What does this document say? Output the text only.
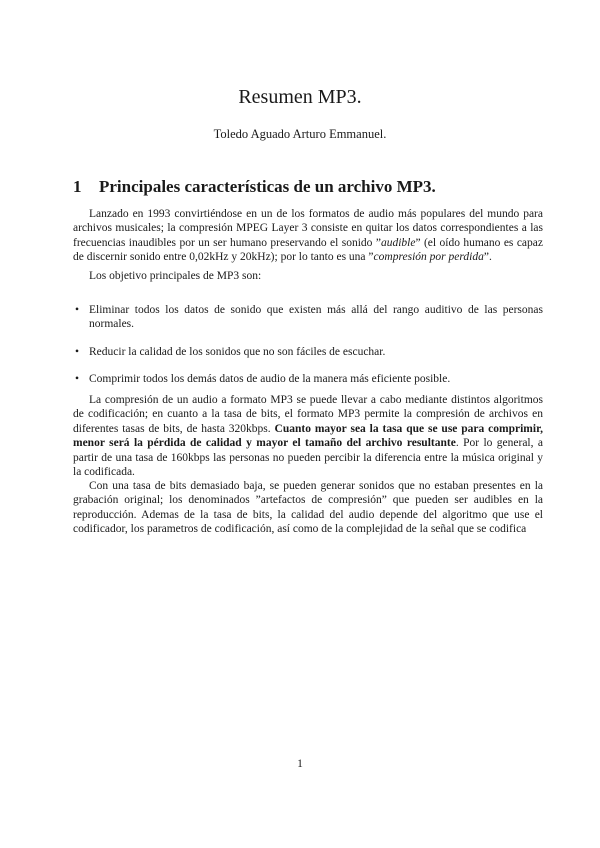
Resumen MP3.
Toledo Aguado Arturo Emmanuel.
1 Principales características de un archivo MP3.

Lanzado en 1993 convirtiéndose en un de los formatos de audio más populares del mundo para archivos musicales; la compresión MPEG Layer 3 consiste en quitar los datos correspondientes a las frecuencias inaudibles por un ser humano preservando el sonido ”audible” (el oído humano es capaz de discernir sonido entre 0,02kHz y 20kHz); por lo tanto es una ”compresión por perdida”.

Los objetivo principales de MP3 son:

• Eliminar todos los datos de sonido que existen más allá del rango auditivo de las personas normales.
• Reducir la calidad de los sonidos que no son fáciles de escuchar.
• Comprimir todos los demás datos de audio de la manera más eficiente posible.

La compresión de un audio a formato MP3 se puede llevar a cabo mediante distintos algoritmos de codificación; en cuanto a la tasa de bits, el formato MP3 permite la compresión de archivos en diferentes tasas de bits, de hasta 320kbps. Cuanto mayor sea la tasa que se use para comprimir, menor será la pérdida de calidad y mayor el tamaño del archivo resultante. Por lo general, a partir de una tasa de 160kbps las personas no pueden percibir la diferencia entre la música original y la codificada.

Con una tasa de bits demasiado baja, se pueden generar sonidos que no estaban presentes en la grabación original; los denominados ”artefactos de compresión” que pueden ser audibles en la reproducción. Ademas de la tasa de bits, la calidad del audio depende del algoritmo que use el codificador, los parametros de codificación, así como de la complejidad de la señal que se codifica

1
